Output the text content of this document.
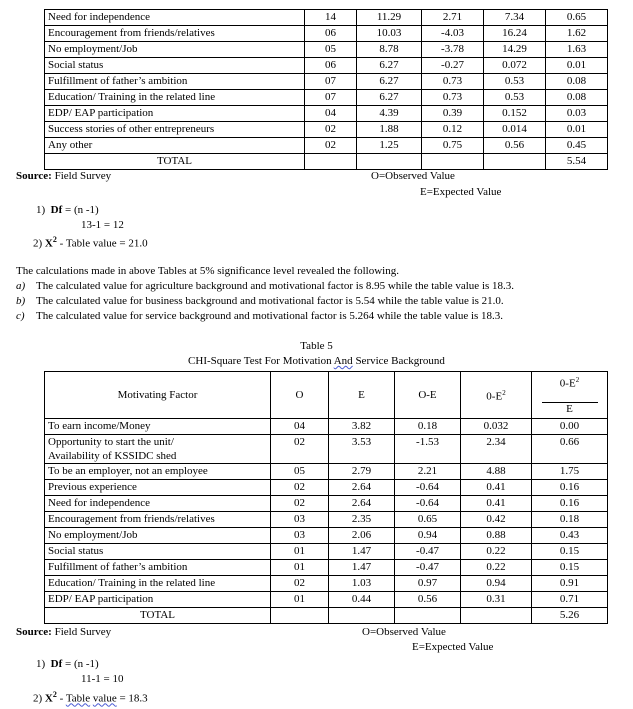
Need for independence	14	11.29	2.71	7.34	0.65
Encouragement from friends/relatives	06	10.03	-4.03	16.24	1.62
No employment/Job	05	8.78	-3.78	14.29	1.63
Social status	06	6.27	-0.27	0.072	0.01
Fulfillment of father’s ambition	07	6.27	0.73	0.53	0.08
Education/ Training in the related line	07	6.27	0.73	0.53	0.08
EDP/ EAP participation	04	4.39	0.39	0.152	0.03
Success stories of other entrepreneurs	02	1.88	0.12	0.014	0.01
Any other	02	1.25	0.75	0.56	0.45
TOTAL					5.54
Source: Field Survey	O=Observed Value
E=Expected Value
1) Df = (n -1)
13-1 = 12
2) $X^2$ - Table value = 21.0
The calculations made in above Tables at 5% significance level revealed the following.
a) The calculated value for agriculture background and motivational factor is 8.95 while the table value is 18.3.
b) The calculated value for business background and motivational factor is 5.54 while the table value is 21.0.
c) The calculated value for service background and motivational factor is 5.264 while the table value is 18.3.
Table 5
CHI-Square Test For Motivation And Service Background
Motivating Factor	O	E	O-E	$0-E^2$	$0-E^2$
E

To earn income/Money	04	3.82	0.18	0.032	0.00

Opportunity to start the unit/
Availability of KSSIDC shed	02	3.53	-1.53	2.34	0.66
To be an employer, not an employee	05	2.79	2.21	4.88	1.75
Previous experience	02	2.64	-0.64	0.41	0.16
Need for independence	02	2.64	-0.64	0.41	0.16
Encouragement from friends/relatives	03	2.35	0.65	0.42	0.18
No employment/Job	03	2.06	0.94	0.88	0.43
Social status	01	1.47	-0.47	0.22	0.15
Fulfillment of father’s ambition	01	1.47	-0.47	0.22	0.15
Education/ Training in the related line	02	1.03	0.97	0.94	0.91
EDP/ EAP participation	01	0.44	0.56	0.31	0.71
TOTAL					5.26
Source: Field Survey	O=Observed Value
E=Expected Value
1) Df = (n -1)
11-1 = 10
2) $X^2$ - Table value = 18.3
